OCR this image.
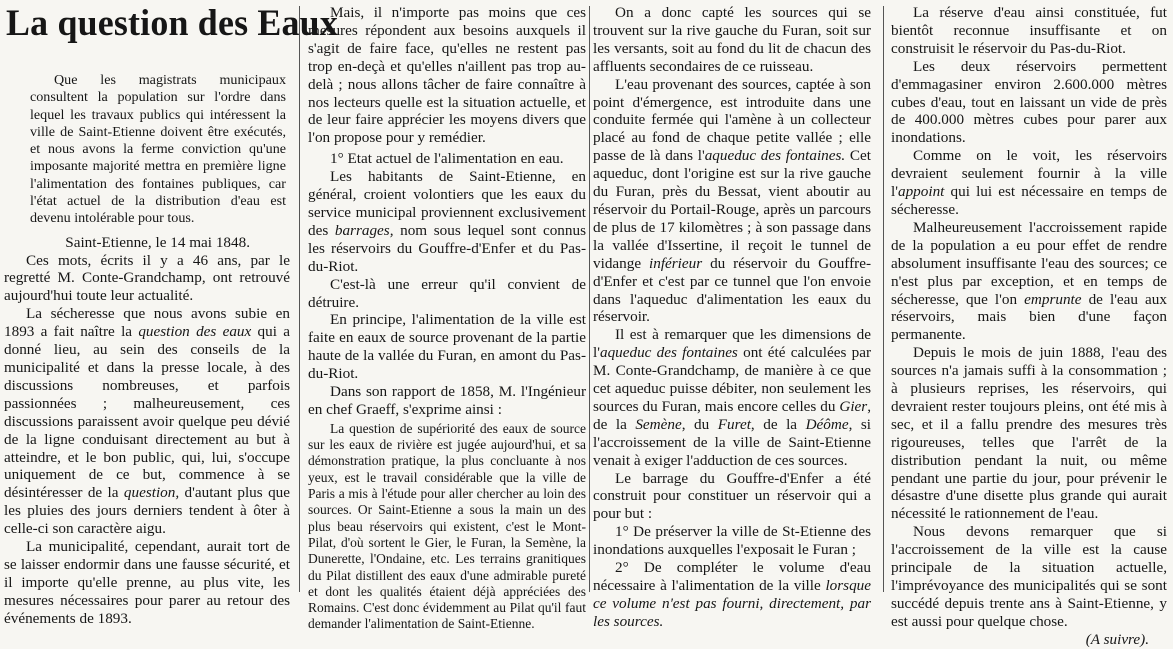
La question des Eaux

Que les magistrats municipaux consultent la population sur l'ordre dans lequel les travaux publics qui intéressent la ville de Saint-Etienne doivent être exécutés, et nous avons la ferme conviction qu'une imposante majorité mettra en première ligne l'alimentation des fontaines publiques, car l'état actuel de la distribution d'eau est devenu intolérable pour tous.

Saint-Etienne, le 14 mai 1848.

Ces mots, écrits il y a 46 ans, par le regretté M. Conte-Grandchamp, ont retrouvé aujourd'hui toute leur actualité.

La sécheresse que nous avons subie en 1893 a fait naître la question des eaux qui a donné lieu, au sein des conseils de la municipalité et dans la presse locale, à des discussions nombreuses, et parfois passionnées ; malheureusement, ces discussions paraissent avoir quelque peu dévié de la ligne conduisant directement au but à atteindre, et le bon public, qui, lui, s'occupe uniquement de ce but, commence à se désintéresser de la question, d'autant plus que les pluies des jours derniers tendent à ôter à celle-ci son caractère aigu.

La municipalité, cependant, aurait tort de se laisser endormir dans une fausse sécurité, et il importe qu'elle prenne, au plus vite, les mesures nécessaires pour parer au retour des événements de 1893.

Mais, il n'importe pas moins que ces mesures répondent aux besoins auxquels il s'agit de faire face, qu'elles ne restent pas trop en-deçà et qu'elles n'aillent pas trop au-delà ; nous allons tâcher de faire connaître à nos lecteurs quelle est la situation actuelle, et de leur faire apprécier les moyens divers que l'on propose pour y remédier.

1° Etat actuel de l'alimentation en eau.

Les habitants de Saint-Etienne, en général, croient volontiers que les eaux du service municipal proviennent exclusivement des barrages, nom sous lequel sont connus les réservoirs du Gouffre-d'Enfer et du Pas-du-Riot.

C'est-là une erreur qu'il convient de détruire.

En principe, l'alimentation de la ville est faite en eaux de source provenant de la partie haute de la vallée du Furan, en amont du Pas-du-Riot.

Dans son rapport de 1858, M. l'Ingénieur en chef Graeff, s'exprime ainsi :

La question de supériorité des eaux de source sur les eaux de rivière est jugée aujourd'hui, et sa démonstration pratique, la plus concluante à nos yeux, est le travail considérable que la ville de Paris a mis à l'étude pour aller chercher au loin des sources. Or Saint-Etienne a sous la main un des plus beau réservoirs qui existent, c'est le Mont-Pilat, d'où sortent le Gier, le Furan, la Semène, la Dunerette, l'Ondaine, etc. Les terrains granitiques du Pilat distillent des eaux d'une admirable pureté et dont les qualités étaient déjà appréciées des Romains. C'est donc évidemment au Pilat qu'il faut demander l'alimentation de Saint-Etienne.

On a donc capté les sources qui se trouvent sur la rive gauche du Furan, soit sur les versants, soit au fond du lit de chacun des affluents secondaires de ce ruisseau.

L'eau provenant des sources, captée à son point d'émergence, est introduite dans une conduite fermée qui l'amène à un collecteur placé au fond de chaque petite vallée ; elle passe de là dans l'aqueduc des fontaines. Cet aqueduc, dont l'origine est sur la rive gauche du Furan, près du Bessat, vient aboutir au réservoir du Portail-Rouge, après un parcours de plus de 17 kilomètres ; à son passage dans la vallée d'Issertine, il reçoit le tunnel de vidange inférieur du réservoir du Gouffre-d'Enfer et c'est par ce tunnel que l'on envoie dans l'aqueduc d'alimentation les eaux du réservoir.

Il est à remarquer que les dimensions de l'aqueduc des fontaines ont été calculées par M. Conte-Grandchamp, de manière à ce que cet aqueduc puisse débiter, non seulement les sources du Furan, mais encore celles du Gier, de la Semène, du Furet, de la Déôme, si l'accroissement de la ville de Saint-Etienne venait à exiger l'adduction de ces sources.

Le barrage du Gouffre-d'Enfer a été construit pour constituer un réservoir qui a pour but :

1° De préserver la ville de St-Etienne des inondations auxquelles l'exposait le Furan ;

2° De compléter le volume d'eau nécessaire à l'alimentation de la ville lorsque ce volume n'est pas fourni, directement, par les sources.

La réserve d'eau ainsi constituée, fut bientôt reconnue insuffisante et on construisit le réservoir du Pas-du-Riot.

Les deux réservoirs permettent d'emmagasiner environ 2.600.000 mètres cubes d'eau, tout en laissant un vide de près de 400.000 mètres cubes pour parer aux inondations.

Comme on le voit, les réservoirs devraient seulement fournir à la ville l'appoint qui lui est nécessaire en temps de sécheresse.

Malheureusement l'accroissement rapide de la population a eu pour effet de rendre absolument insuffisante l'eau des sources; ce n'est plus par exception, et en temps de sécheresse, que l'on emprunte de l'eau aux réservoirs, mais bien d'une façon permanente.

Depuis le mois de juin 1888, l'eau des sources n'a jamais suffi à la consommation ; à plusieurs reprises, les réservoirs, qui devraient rester toujours pleins, ont été mis à sec, et il a fallu prendre des mesures très rigoureuses, telles que l'arrêt de la distribution pendant la nuit, ou même pendant une partie du jour, pour prévenir le désastre d'une disette plus grande qui aurait nécessité le rationnement de l'eau.

Nous devons remarquer que si l'accroissement de la ville est la cause principale de la situation actuelle, l'imprévoyance des municipalités qui se sont succédé depuis trente ans à Saint-Etienne, y est aussi pour quelque chose.

(A suivre).
